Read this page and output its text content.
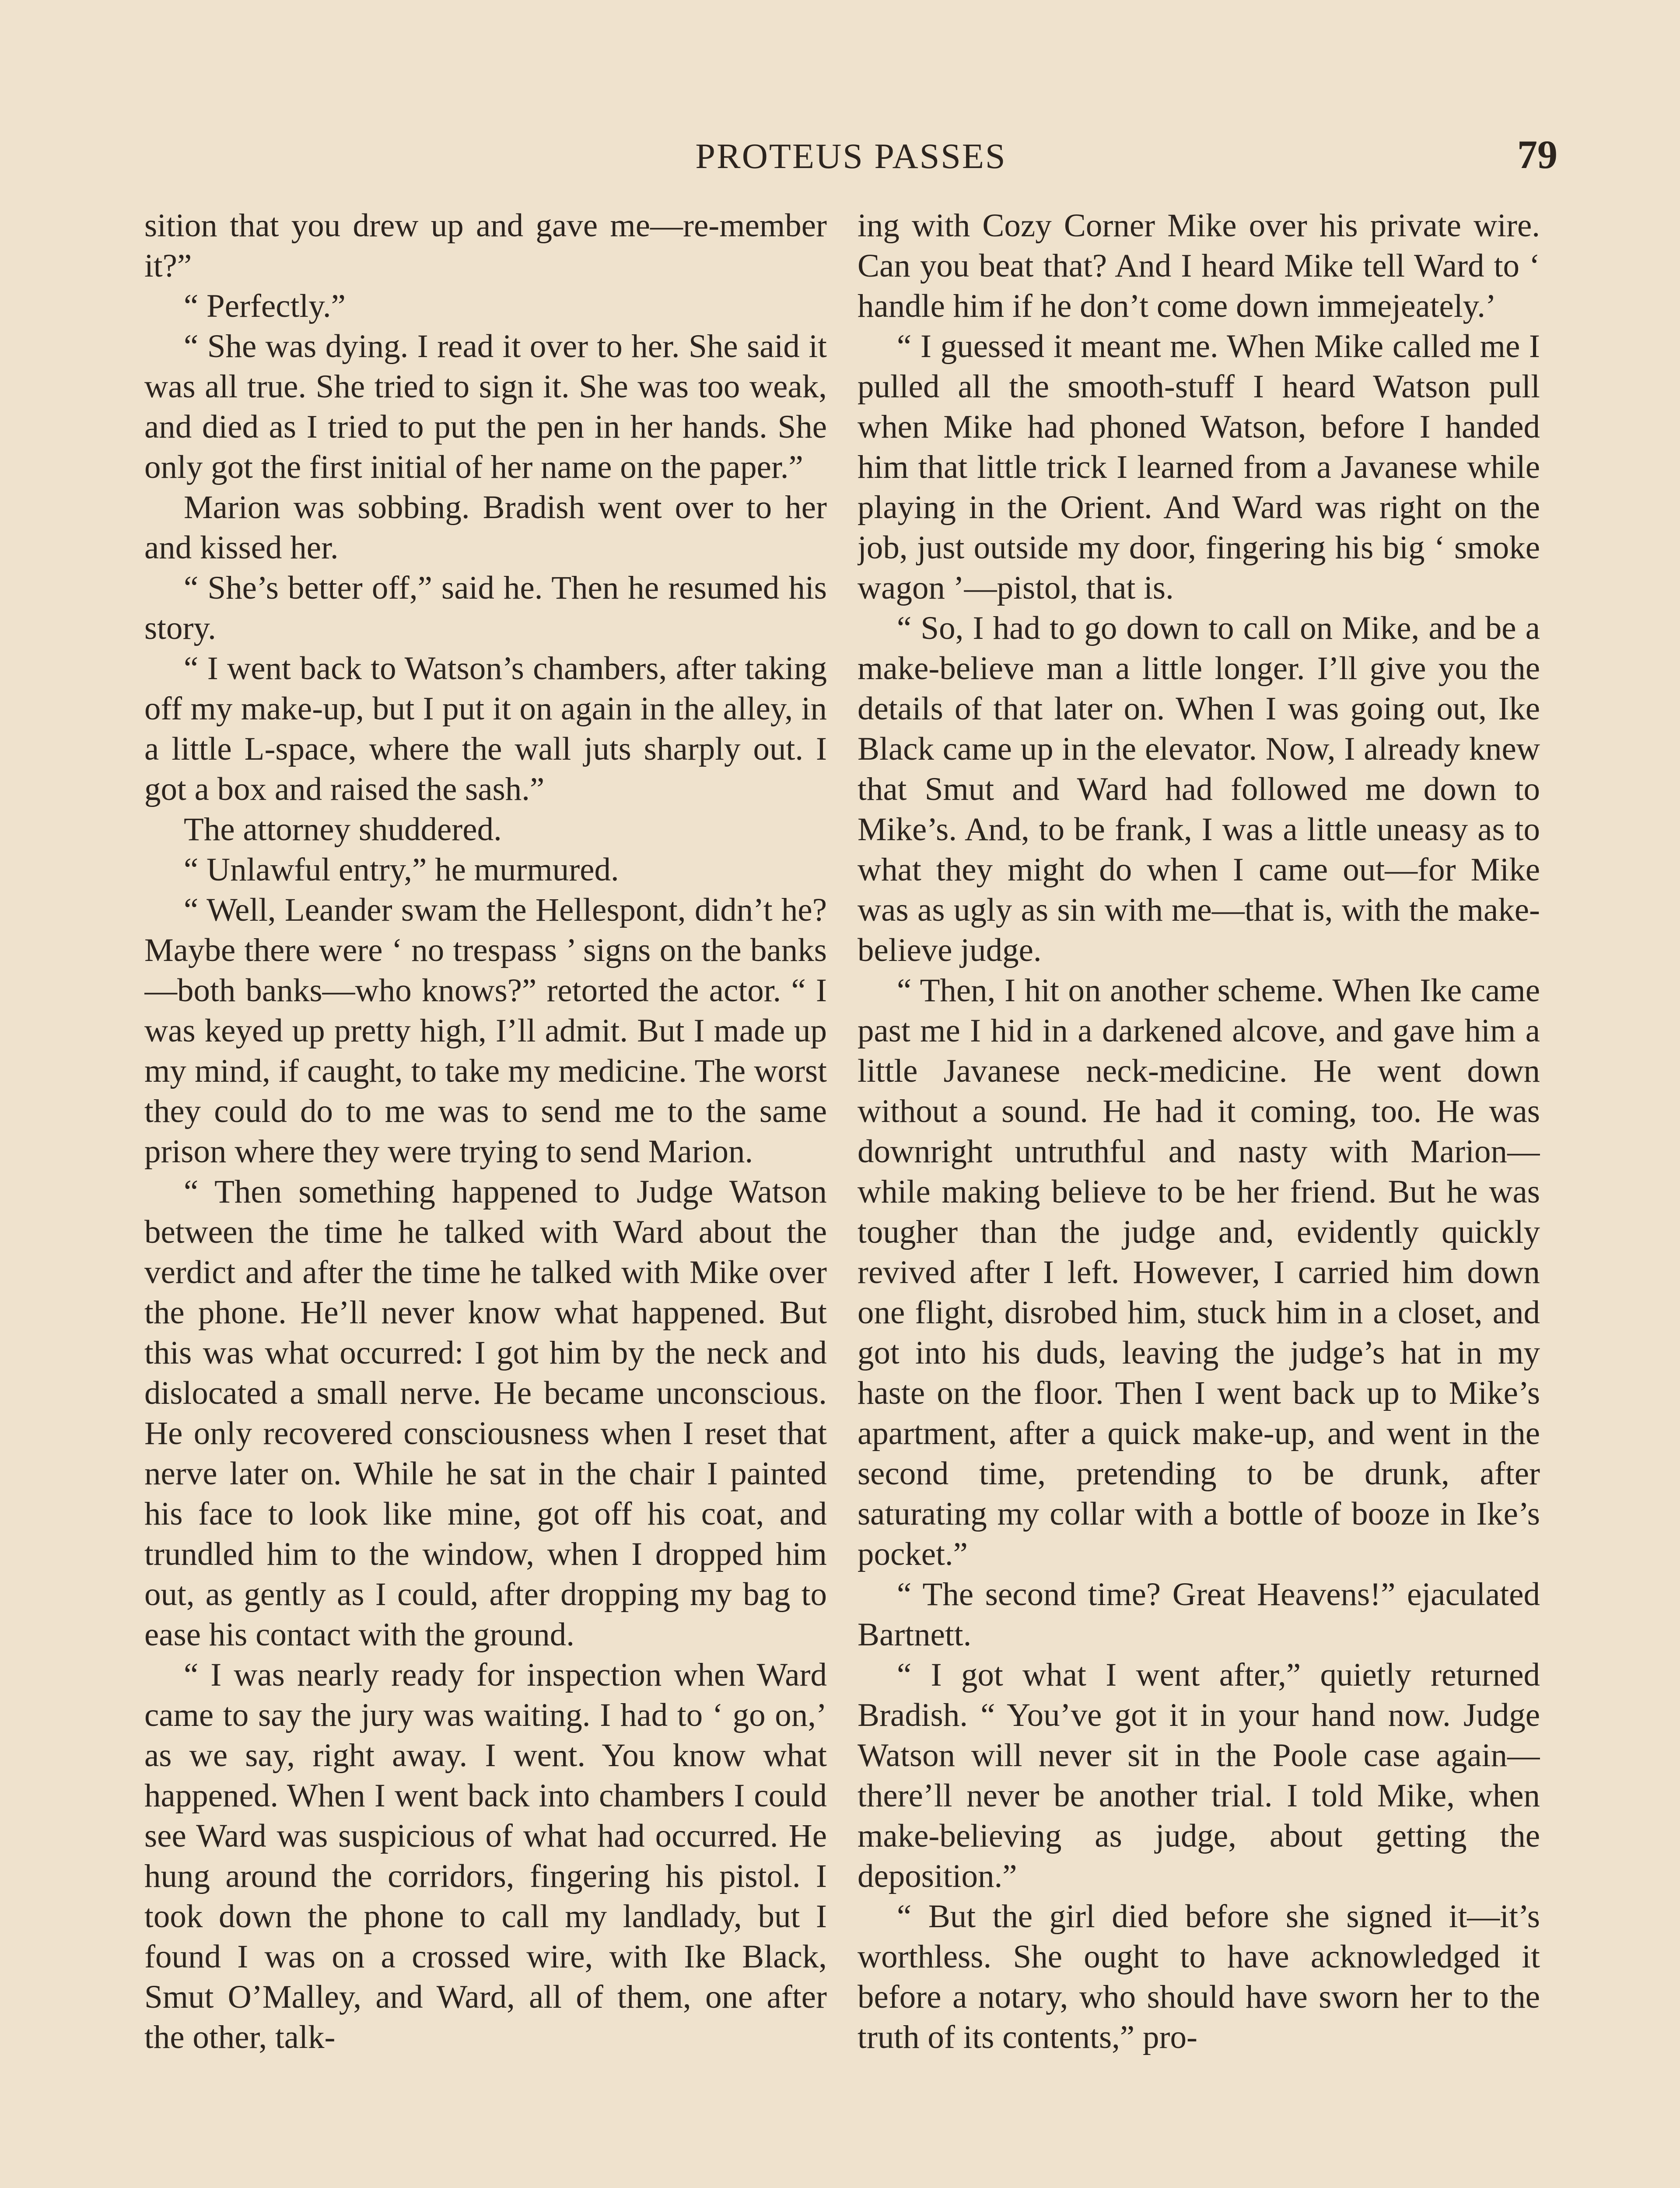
PROTEUS PASSES	79

sition that you drew up and gave me—re-member it?”

“ Perfectly.”

“ She was dying. I read it over to her. She said it was all true. She tried to sign it. She was too weak, and died as I tried to put the pen in her hands. She only got the first initial of her name on the paper.”

Marion was sobbing. Bradish went over to her and kissed her.

“ She’s better off,” said he. Then he resumed his story.

“ I went back to Watson’s chambers, after taking off my make-up, but I put it on again in the alley, in a little L-space, where the wall juts sharply out. I got a box and raised the sash.”

The attorney shuddered.

“ Unlawful entry,” he murmured.

“ Well, Leander swam the Hellespont, didn’t he? Maybe there were ‘ no trespass ’ signs on the banks—both banks—who knows?” retorted the actor. “ I was keyed up pretty high, I’ll admit. But I made up my mind, if caught, to take my medicine. The worst they could do to me was to send me to the same prison where they were trying to send Marion.

“ Then something happened to Judge Watson between the time he talked with Ward about the verdict and after the time he talked with Mike over the phone. He’ll never know what happened. But this was what occurred: I got him by the neck and dislocated a small nerve. He became unconscious. He only recovered consciousness when I reset that nerve later on. While he sat in the chair I painted his face to look like mine, got off his coat, and trundled him to the window, when I dropped him out, as gently as I could, after dropping my bag to ease his contact with the ground.

“ I was nearly ready for inspection when Ward came to say the jury was waiting. I had to ‘ go on,’ as we say, right away. I went. You know what happened. When I went back into chambers I could see Ward was suspicious of what had occurred. He hung around the corridors, fingering his pistol. I took down the phone to call my landlady, but I found I was on a crossed wire, with Ike Black, Smut O’Malley, and Ward, all of them, one after the other, talk-

ing with Cozy Corner Mike over his private wire. Can you beat that? And I heard Mike tell Ward to ‘ handle him if he don’t come down immejeately.’

“ I guessed it meant me. When Mike called me I pulled all the smooth-stuff I heard Watson pull when Mike had phoned Watson, before I handed him that little trick I learned from a Javanese while playing in the Orient. And Ward was right on the job, just outside my door, fingering his big ‘ smoke wagon ’—pistol, that is.

“ So, I had to go down to call on Mike, and be a make-believe man a little longer. I’ll give you the details of that later on. When I was going out, Ike Black came up in the elevator. Now, I already knew that Smut and Ward had followed me down to Mike’s. And, to be frank, I was a little uneasy as to what they might do when I came out—for Mike was as ugly as sin with me—that is, with the make-believe judge.

“ Then, I hit on another scheme. When Ike came past me I hid in a darkened alcove, and gave him a little Javanese neck-medicine. He went down without a sound. He had it coming, too. He was downright untruthful and nasty with Marion—while making believe to be her friend. But he was tougher than the judge and, evidently quickly revived after I left. However, I carried him down one flight, disrobed him, stuck him in a closet, and got into his duds, leaving the judge’s hat in my haste on the floor. Then I went back up to Mike’s apartment, after a quick make-up, and went in the second time, pretending to be drunk, after saturating my collar with a bottle of booze in Ike’s pocket.”

“ The second time? Great Heavens!” ejaculated Bartnett.

“ I got what I went after,” quietly returned Bradish. “ You’ve got it in your hand now. Judge Watson will never sit in the Poole case again—there’ll never be another trial. I told Mike, when make-believing as judge, about getting the deposition.”

“ But the girl died before she signed it—it’s worthless. She ought to have acknowledged it before a notary, who should have sworn her to the truth of its contents,” pro-
